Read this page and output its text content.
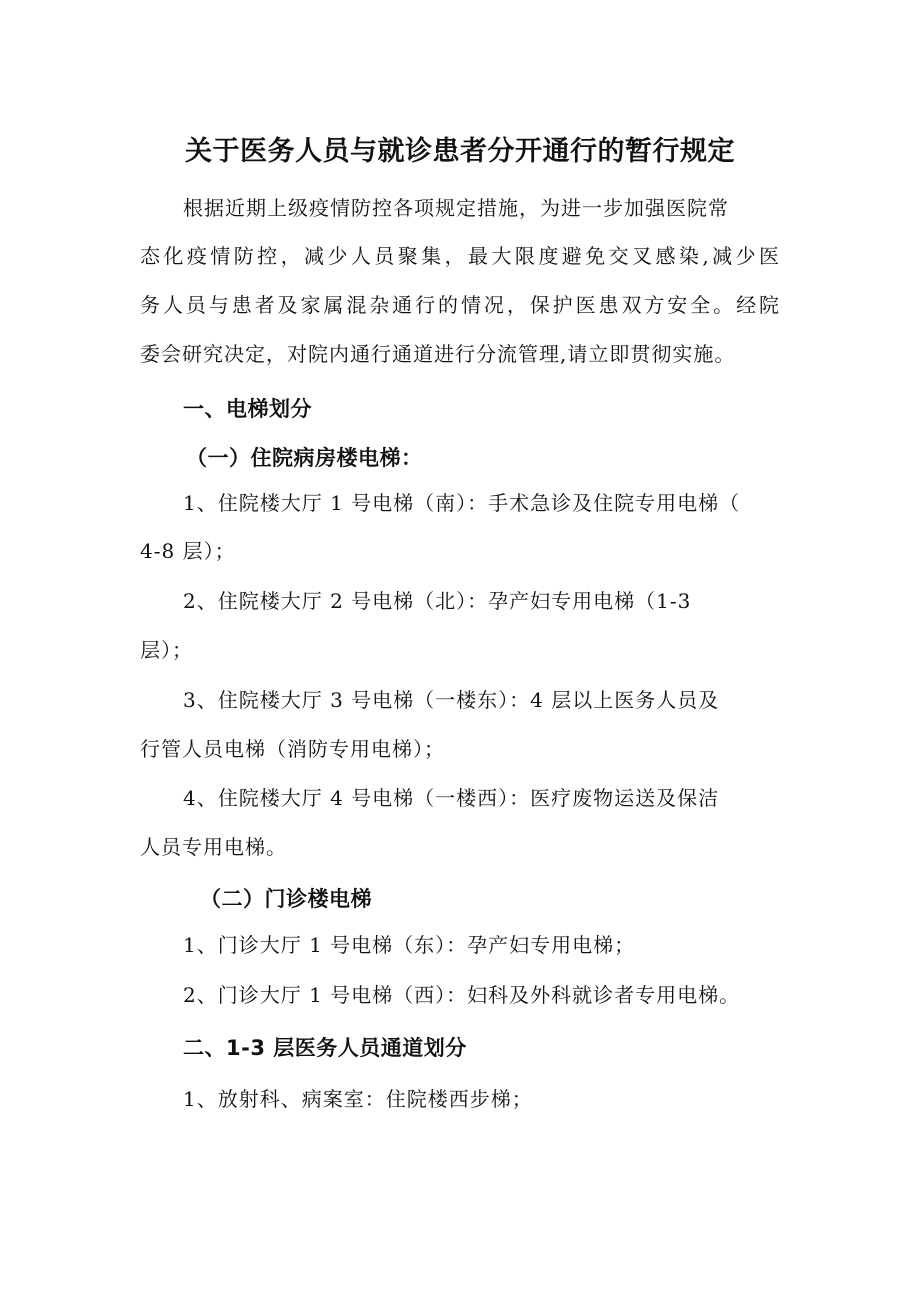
关于医务人员与就诊患者分开通行的暂行规定

根据近期上级疫情防控各项规定措施，为进一步加强医院常

态化疫情防控，减少人员聚集，最大限度避免交叉感染,减少医

务人员与患者及家属混杂通行的情况，保护医患双方安全。经院

委会研究决定，对院内通行通道进行分流管理,请立即贯彻实施。

一、电梯划分
（一）住院病房楼电梯：

1、住院楼大厅 1 号电梯（南）：手术急诊及住院专用电梯（

4-8 层）；

2、住院楼大厅 2 号电梯（北）：孕产妇专用电梯（1-3

层）；

3、住院楼大厅 3 号电梯（一楼东）：4 层以上医务人员及

行管人员电梯（消防专用电梯）；

4、住院楼大厅 4 号电梯（一楼西）：医疗废物运送及保洁

人员专用电梯。

（二）门诊楼电梯

1、门诊大厅 1 号电梯（东）：孕产妇专用电梯；

2、门诊大厅 1 号电梯（西）：妇科及外科就诊者专用电梯。

二、1-3 层医务人员通道划分

1、放射科、病案室：住院楼西步梯；
